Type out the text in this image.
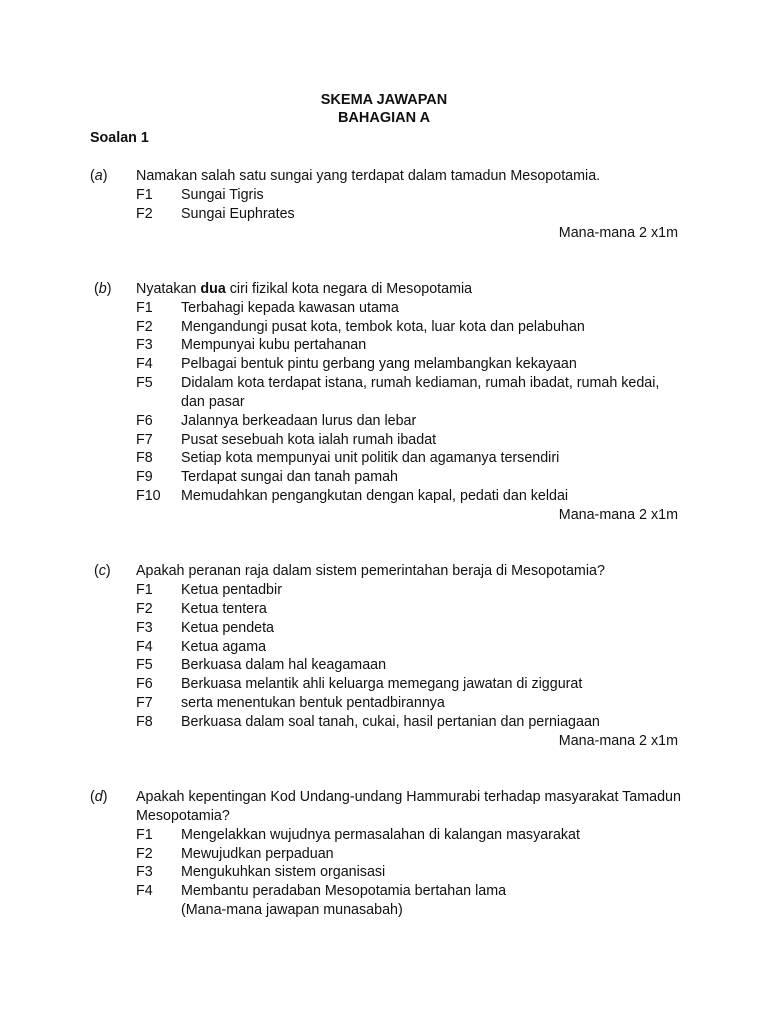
SKEMA JAWAPAN
BAHAGIAN A
Soalan 1
(a) Namakan salah satu sungai yang terdapat dalam tamadun Mesopotamia.
F1 Sungai Tigris
F2 Sungai Euphrates
Mana-mana 2 x1m
(b) Nyatakan dua ciri fizikal kota negara di Mesopotamia
F1 Terbahagi kepada kawasan utama
F2 Mengandungi pusat kota, tembok kota, luar kota dan pelabuhan
F3 Mempunyai kubu pertahanan
F4 Pelbagai bentuk pintu gerbang yang melambangkan kekayaan
F5 Didalam kota terdapat istana, rumah kediaman, rumah ibadat, rumah kedai,
dan pasar
F6 Jalannya berkeadaan lurus dan lebar
F7 Pusat sesebuah kota ialah rumah ibadat
F8 Setiap kota mempunyai unit politik dan agamanya tersendiri
F9 Terdapat sungai dan tanah pamah
F10 Memudahkan pengangkutan dengan kapal, pedati dan keldai
Mana-mana 2 x1m
(c) Apakah peranan raja dalam sistem pemerintahan beraja di Mesopotamia?
F1 Ketua pentadbir
F2 Ketua tentera
F3 Ketua pendeta
F4 Ketua agama
F5 Berkuasa dalam hal keagamaan
F6 Berkuasa melantik ahli keluarga memegang jawatan di ziggurat
F7 serta menentukan bentuk pentadbirannya
F8 Berkuasa dalam soal tanah, cukai, hasil pertanian dan perniagaan
Mana-mana 2 x1m
(d) Apakah kepentingan Kod Undang-undang Hammurabi terhadap masyarakat Tamadun
Mesopotamia?
F1 Mengelakkan wujudnya permasalahan di kalangan masyarakat
F2 Mewujudkan perpaduan
F3 Mengukuhkan sistem organisasi
F4 Membantu peradaban Mesopotamia bertahan lama
(Mana-mana jawapan munasabah)
